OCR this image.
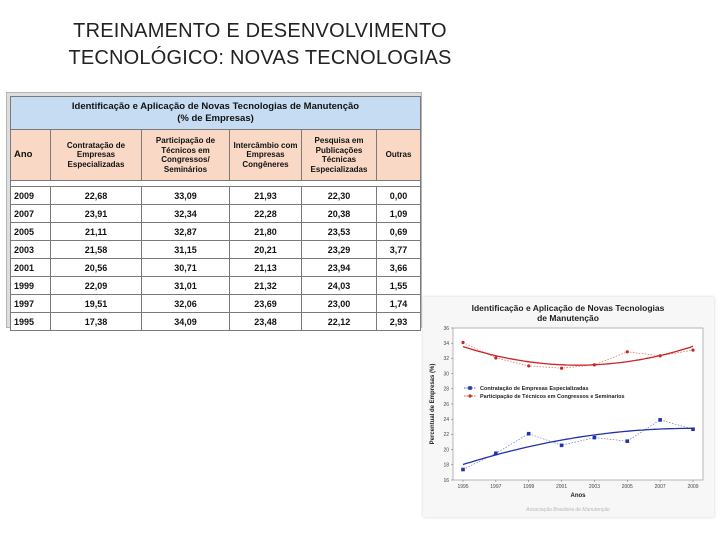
TREINAMENTO E DESENVOLVIMENTO
TECNOLÓGICO: NOVAS TECNOLOGIAS
Identificação e Aplicação de Novas Tecnologias de Manutenção
(% de Empresas)					

Ano	Contratação de Empresas Especializadas	Participação de Técnicos em Congressos/ Seminários	Intercâmbio com Empresas Congêneres	Pesquisa em Publicações Técnicas Especializadas	Outras

2009	22,68	33,09	21,93	22,30	0,00
2007	23,91	32,34	22,28	20,38	1,09
2005	21,11	32,87	21,80	23,53	0,69
2003	21,58	31,15	20,21	23,29	3,77
2001	20,56	30,71	21,13	23,94	3,66
1999	22,09	31,01	21,32	24,03	1,55
1997	19,51	32,06	23,69	23,00	1,74
1995	17,38	34,09	23,48	22,12	2,93
Identificação e Aplicação de Novas Tecnologias
de Manutenção
16
18
20
22
24
26
28
30
32
34
36
1995	1997	1999	2001	2003	2005	2007	2009
Anos
Percentual de Empresas (%)	Contratação de Empresas Especializadas
Participação de Técnicos em Congressos e Seminarios
Associação Brasileira de Manutenção
